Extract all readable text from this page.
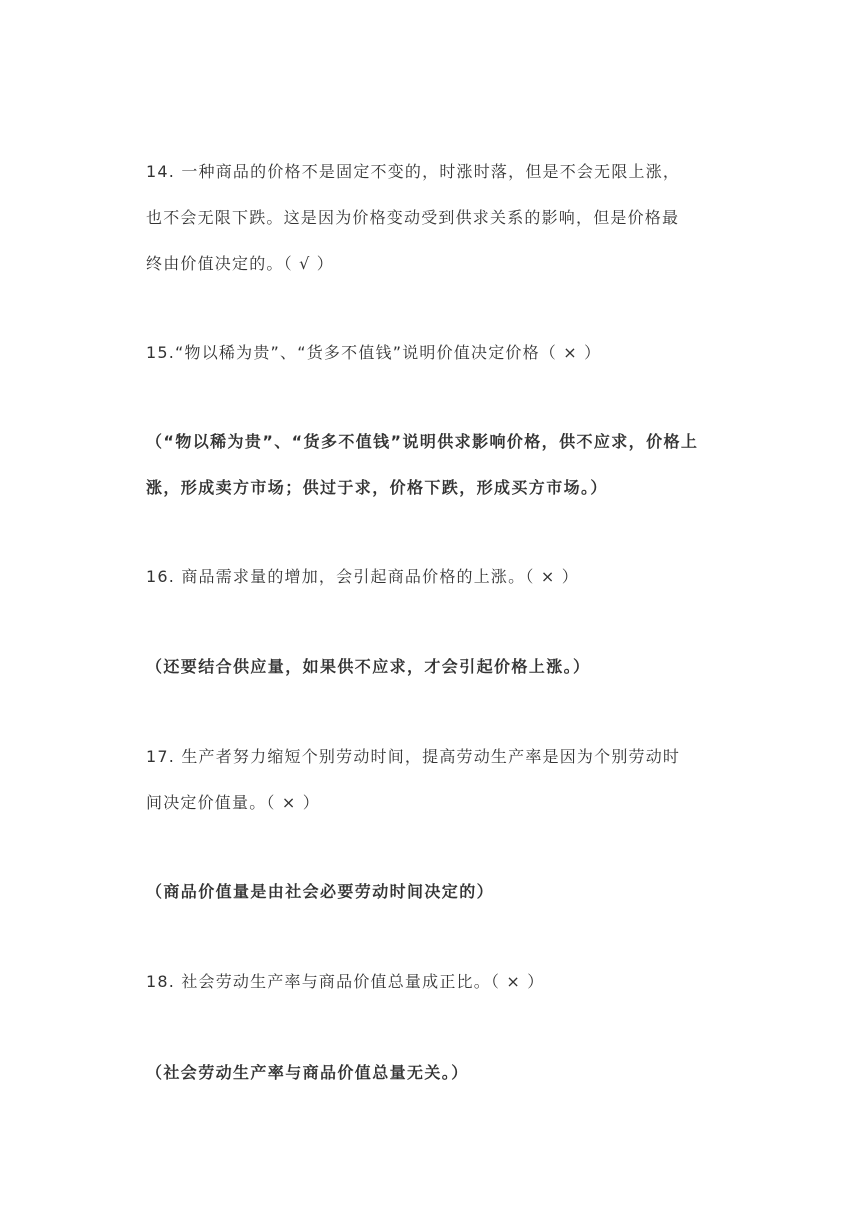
14. 一种商品的价格不是固定不变的，时涨时落，但是不会无限上涨，

也不会无限下跌。这是因为价格变动受到供求关系的影响，但是价格最

终由价值决定的。（ √ ）

15.“物以稀为贵”、“货多不值钱”说明价值决定价格（ × ）

（“物以稀为贵”、“货多不值钱”说明供求影响价格，供不应求，价格上

涨，形成卖方市场；供过于求，价格下跌，形成买方市场。）

16. 商品需求量的增加，会引起商品价格的上涨。（ × ）

（还要结合供应量，如果供不应求，才会引起价格上涨。）

17. 生产者努力缩短个别劳动时间，提高劳动生产率是因为个别劳动时

间决定价值量。（ × ）

（商品价值量是由社会必要劳动时间决定的）

18. 社会劳动生产率与商品价值总量成正比。（ × ）

（社会劳动生产率与商品价值总量无关。）
